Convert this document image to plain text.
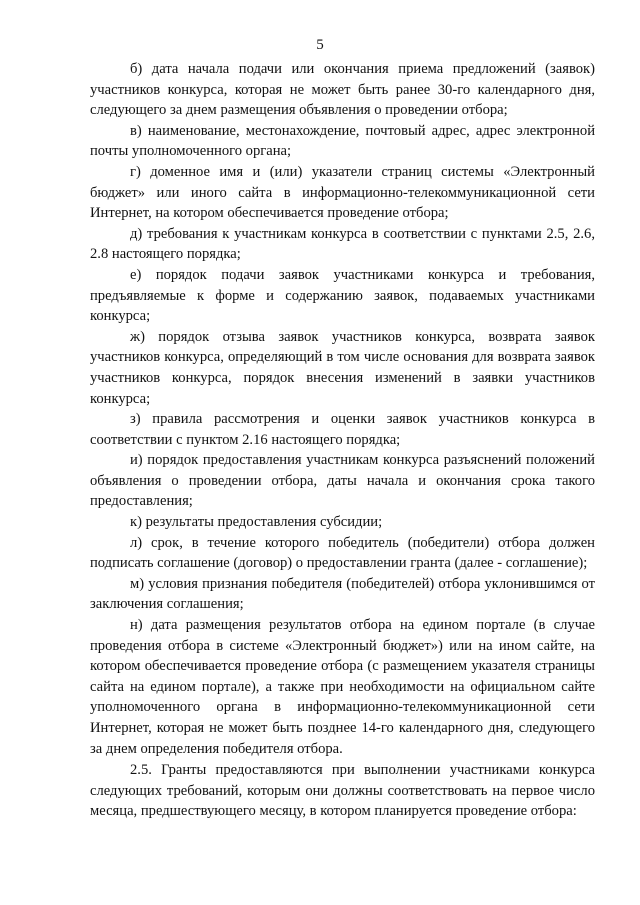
5

б) дата начала подачи или окончания приема предложений (заявок) участников конкурса, которая не может быть ранее 30-го календарного дня, следующего за днем размещения объявления о проведении отбора;

в) наименование, местонахождение, почтовый адрес, адрес электронной почты уполномоченного органа;

г) доменное имя и (или) указатели страниц системы «Электронный бюджет» или иного сайта в информационно-телекоммуникационной сети Интернет, на котором обеспечивается проведение отбора;

д) требования к участникам конкурса в соответствии с пунктами 2.5, 2.6, 2.8 настоящего порядка;

е) порядок подачи заявок участниками конкурса и требования, предъявляемые к форме и содержанию заявок, подаваемых участниками конкурса;

ж) порядок отзыва заявок участников конкурса, возврата заявок участников конкурса, определяющий в том числе основания для возврата заявок участников конкурса, порядок внесения изменений в заявки участников конкурса;

з) правила рассмотрения и оценки заявок участников конкурса в соответствии с пунктом 2.16 настоящего порядка;

и) порядок предоставления участникам конкурса разъяснений положений объявления о проведении отбора, даты начала и окончания срока такого предоставления;

к) результаты предоставления субсидии;

л) срок, в течение которого победитель (победители) отбора должен подписать соглашение (договор) о предоставлении гранта (далее - соглашение);

м) условия признания победителя (победителей) отбора уклонившимся от заключения соглашения;

н) дата размещения результатов отбора на едином портале (в случае проведения отбора в системе «Электронный бюджет») или на ином сайте, на котором обеспечивается проведение отбора (с размещением указателя страницы сайта на едином портале), а также при необходимости на официальном сайте уполномоченного органа в информационно-телекоммуникационной сети Интернет, которая не может быть позднее 14-го календарного дня, следующего за днем определения победителя отбора.

2.5. Гранты предоставляются при выполнении участниками конкурса следующих требований, которым они должны соответствовать на первое число месяца, предшествующего месяцу, в котором планируется проведение отбора:
